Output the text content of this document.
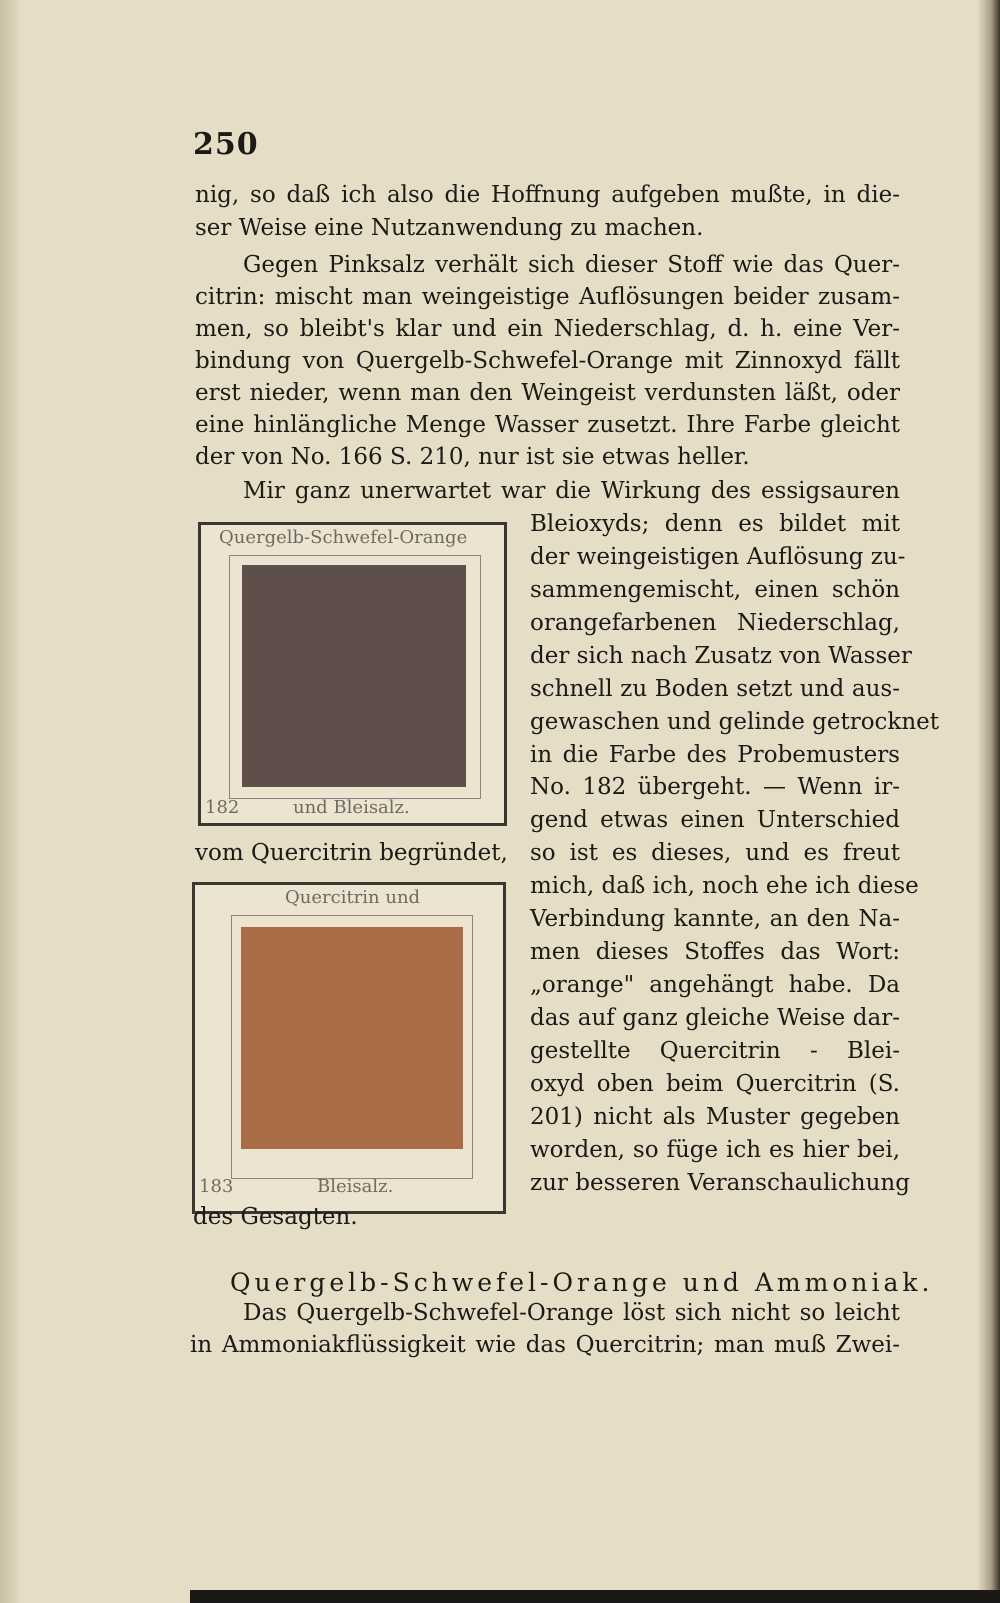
250
nig, so daß ich also die Hoffnung aufgeben mußte, in die-
ser Weise eine Nutzanwendung zu machen.
Gegen Pinksalz verhält sich dieser Stoff wie das Quer-
citrin: mischt man weingeistige Auflösungen beider zusam-
men, so bleibt's klar und ein Niederschlag, d. h. eine Ver-
bindung von Quergelb-Schwefel-Orange mit Zinnoxyd fällt
erst nieder, wenn man den Weingeist verdunsten läßt, oder
eine hinlängliche Menge Wasser zusetzt. Ihre Farbe gleicht
der von No. 166 S. 210, nur ist sie etwas heller.
Mir ganz unerwartet war die Wirkung des essigsauren
Quergelb-Schwefel-Orange
182	und Bleisalz.
Bleioxyds; denn es bildet mit
der weingeistigen Auflösung zu-
sammengemischt, einen schön
orangefarbenen Niederschlag,
der sich nach Zusatz von Wasser
schnell zu Boden setzt und aus-
gewaschen und gelinde getrocknet
in die Farbe des Probemusters
No. 182 übergeht. — Wenn ir-
gend etwas einen Unterschied
vom Quercitrin begründet,
Quercitrin und
183	Bleisalz.
so ist es dieses, und es freut
mich, daß ich, noch ehe ich diese
Verbindung kannte, an den Na-
men dieses Stoffes das Wort:
„orange" angehängt habe. Da
das auf ganz gleiche Weise dar-
gestellte Quercitrin - Blei-
oxyd oben beim Quercitrin (S.
201) nicht als Muster gegeben
worden, so füge ich es hier bei,
zur besseren Veranschaulichung
des Gesagten.
Quergelb-Schwefel-Orange und Ammoniak.
Das Quergelb-Schwefel-Orange löst sich nicht so leicht
in Ammoniakflüssigkeit wie das Quercitrin; man muß Zwei-
